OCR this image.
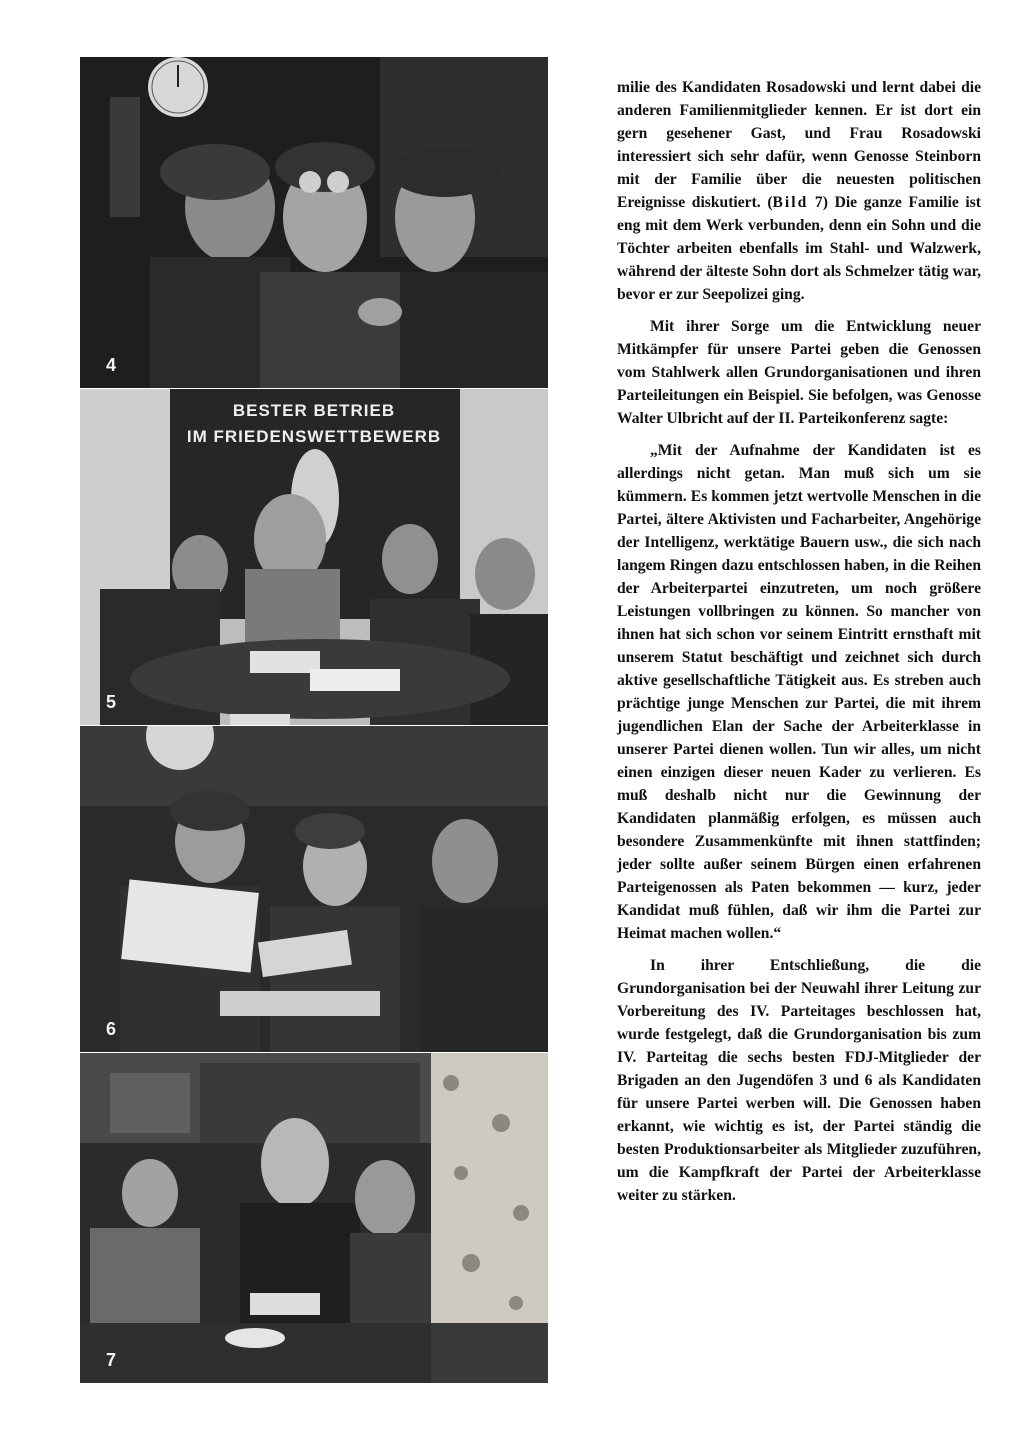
4
BESTER BETRIEB
IM FRIEDENSWETTBEWERB
5
6
7

milie des Kandidaten Rosadowski und lernt dabei die anderen Familienmitglieder kennen. Er ist dort ein gern gesehener Gast, und Frau Rosadowski interessiert sich sehr dafür, wenn Genosse Steinborn mit der Familie über die neuesten politischen Ereignisse diskutiert. (Bild 7) Die ganze Familie ist eng mit dem Werk verbunden, denn ein Sohn und die Töchter arbeiten ebenfalls im Stahl- und Walzwerk, während der älteste Sohn dort als Schmelzer tätig war, bevor er zur Seepolizei ging.

Mit ihrer Sorge um die Entwicklung neuer Mitkämpfer für unsere Partei geben die Genossen vom Stahlwerk allen Grundorganisationen und ihren Parteileitungen ein Beispiel. Sie befolgen, was Genosse Walter Ulbricht auf der II. Parteikonferenz sagte:

„Mit der Aufnahme der Kandidaten ist es allerdings nicht getan. Man muß sich um sie kümmern. Es kommen jetzt wertvolle Menschen in die Partei, ältere Aktivisten und Facharbeiter, Angehörige der Intelligenz, werktätige Bauern usw., die sich nach langem Ringen dazu entschlossen haben, in die Reihen der Arbeiterpartei einzutreten, um noch größere Leistungen vollbringen zu können. So mancher von ihnen hat sich schon vor seinem Eintritt ernsthaft mit unserem Statut beschäftigt und zeichnet sich durch aktive gesellschaftliche Tätigkeit aus. Es streben auch prächtige junge Menschen zur Partei, die mit ihrem jugendlichen Elan der Sache der Arbeiterklasse in unserer Partei dienen wollen. Tun wir alles, um nicht einen einzigen dieser neuen Kader zu verlieren. Es muß deshalb nicht nur die Gewinnung der Kandidaten planmäßig erfolgen, es müssen auch besondere Zusammenkünfte mit ihnen stattfinden; jeder sollte außer seinem Bürgen einen erfahrenen Parteigenossen als Paten bekommen — kurz, jeder Kandidat muß fühlen, daß wir ihm die Partei zur Heimat machen wollen.“

In ihrer Entschließung, die die Grundorganisation bei der Neuwahl ihrer Leitung zur Vorbereitung des IV. Parteitages beschlossen hat, wurde festgelegt, daß die Grundorganisation bis zum IV. Parteitag die sechs besten FDJ-Mitglieder der Brigaden an den Jugendöfen 3 und 6 als Kandidaten für unsere Partei werben will. Die Genossen haben erkannt, wie wichtig es ist, der Partei ständig die besten Produktionsarbeiter als Mitglieder zuzuführen, um die Kampfkraft der Partei der Arbeiterklasse weiter zu stärken.
